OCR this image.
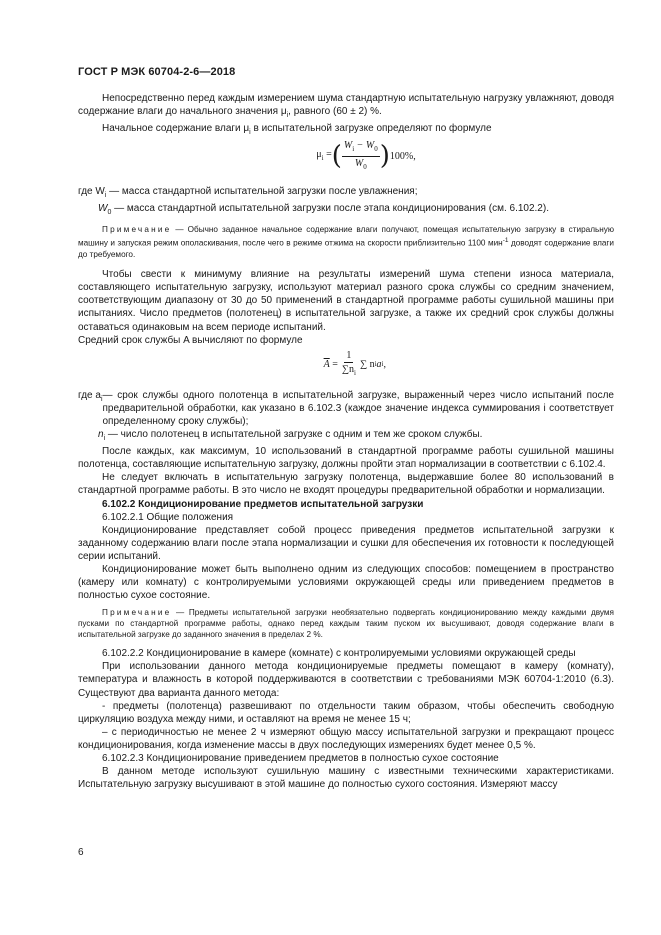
ГОСТ Р МЭК 60704-2-6—2018

Непосредственно перед каждым измерением шума стандартную испытательную нагрузку увлажняют, доводя содержание влаги до начального значения $\mu_i$, равного (60 ± 2) %.

Начальное содержание влаги $\mu_i$ в испытательной загрузке определяют по формуле

$\mu_i$ = ( $\frac{W_i - W_0}{W_0}$ ) 100%,

где $W_i$ — масса стандартной испытательной загрузки после увлажнения;

$W_0$ — масса стандартной испытательной загрузки после этапа кондиционирования (см. 6.102.2).

Примечание — Обычно заданное начальное содержание влаги получают, помещая испытательную загрузку в стиральную машину и запуская режим ополаскивания, после чего в режиме отжима на скорости приблизительно 1100 мин$^{-1}$ доводят содержание влаги до требуемого.

Чтобы свести к минимуму влияние на результаты измерений шума степени износа материала, составляющего испытательную загрузку, используют материал разного срока службы со средним значением, соответствующим диапазону от 30 до 50 применений в стандартной программе работы сушильной машины при испытаниях. Число предметов (полотенец) в испытательной загрузке, а также их средний срок службы должны оставаться одинаковым на всем периоде испытаний.

Средний срок службы A вычисляют по формуле

$\overline{A} = \frac{1}{\sum n_i}$ ∑ n i a i ,
где $a_i$ — срок службы одного полотенца в испытательной загрузке, выраженный через число испытаний после предварительной обработки, как указано в 6.102.3 (каждое значение индекса суммирования i соответствует определенному сроку службы);

$n_i$ — число полотенец в испытательной загрузке с одним и тем же сроком службы.

После каждых, как максимум, 10 использований в стандартной программе работы сушильной машины полотенца, составляющие испытательную загрузку, должны пройти этап нормализации в соответствии с 6.102.4.

Не следует включать в испытательную загрузку полотенца, выдержавшие более 80 использований в стандартной программе работы. В это число не входят процедуры предварительной обработки и нормализации.

6.102.2 Кондиционирование предметов испытательной загрузки

6.102.2.1 Общие положения

Кондиционирование представляет собой процесс приведения предметов испытательной загрузки к заданному содержанию влаги после этапа нормализации и сушки для обеспечения их готовности к последующей серии испытаний.

Кондиционирование может быть выполнено одним из следующих способов: помещением в пространство (камеру или комнату) с контролируемыми условиями окружающей среды или приведением предметов в полностью сухое состояние.

Примечание — Предметы испытательной загрузки необязательно подвергать кондиционированию между каждыми двумя пусками по стандартной программе работы, однако перед каждым таким пуском их высушивают, доводя содержание влаги в испытательной загрузке до заданного значения в пределах 2 %.

6.102.2.2 Кондиционирование в камере (комнате) с контролируемыми условиями окружающей среды

При использовании данного метода кондиционируемые предметы помещают в камеру (комнату), температура и влажность в которой поддерживаются в соответствии с требованиями МЭК 60704-1:2010 (6.3). Существуют два варианта данного метода:

- предметы (полотенца) развешивают по отдельности таким образом, чтобы обеспечить свободную циркуляцию воздуха между ними, и оставляют на время не менее 15 ч;

– с периодичностью не менее 2 ч измеряют общую массу испытательной загрузки и прекращают процесс кондиционирования, когда изменение массы в двух последующих измерениях будет менее 0,5 %.

6.102.2.3 Кондиционирование приведением предметов в полностью сухое состояние

В данном методе используют сушильную машину с известными техническими характеристиками. Испытательную загрузку высушивают в этой машине до полностью сухого состояния. Измеряют массу

6
